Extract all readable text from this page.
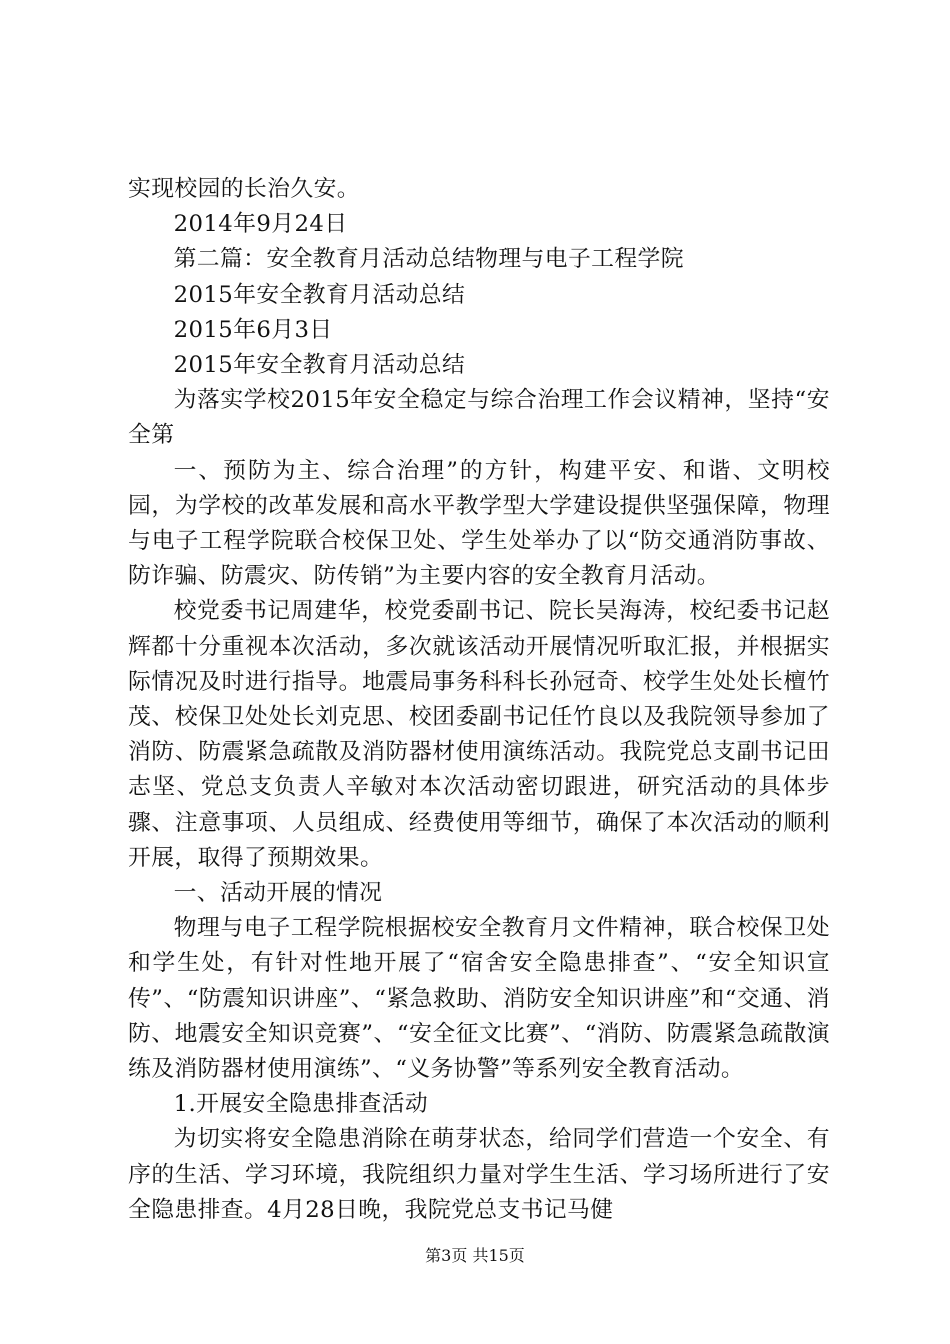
实现校园的长治久安。

2014年9月24日

第二篇：安全教育月活动总结物理与电子工程学院

2015年安全教育月活动总结

2015年6月3日

2015年安全教育月活动总结

为落实学校2015年安全稳定与综合治理工作会议精神，坚持“安全第

一、预防为主、综合治理”的方针，构建平安、和谐、文明校园，为学校的改革发展和高水平教学型大学建设提供坚强保障，物理与电子工程学院联合校保卫处、学生处举办了以“防交通消防事故、防诈骗、防震灾、防传销”为主要内容的安全教育月活动。

校党委书记周建华，校党委副书记、院长吴海涛，校纪委书记赵辉都十分重视本次活动，多次就该活动开展情况听取汇报，并根据实际情况及时进行指导。地震局事务科科长孙冠奇、校学生处处长檀竹茂、校保卫处处长刘克思、校团委副书记任竹良以及我院领导参加了消防、防震紧急疏散及消防器材使用演练活动。我院党总支副书记田志坚、党总支负责人辛敏对本次活动密切跟进，研究活动的具体步骤、注意事项、人员组成、经费使用等细节，确保了本次活动的顺利开展，取得了预期效果。

一、活动开展的情况

物理与电子工程学院根据校安全教育月文件精神，联合校保卫处和学生处，有针对性地开展了“宿舍安全隐患排查”、“安全知识宣传”、“防震知识讲座”、“紧急救助、消防安全知识讲座”和“交通、消防、地震安全知识竞赛”、“安全征文比赛”、“消防、防震紧急疏散演练及消防器材使用演练”、“义务协警”等系列安全教育活动。

1.开展安全隐患排查活动

为切实将安全隐患消除在萌芽状态，给同学们营造一个安全、有序的生活、学习环境，我院组织力量对学生生活、学习场所进行了安全隐患排查。4月28日晚，我院党总支书记马健

第3页 共15页
